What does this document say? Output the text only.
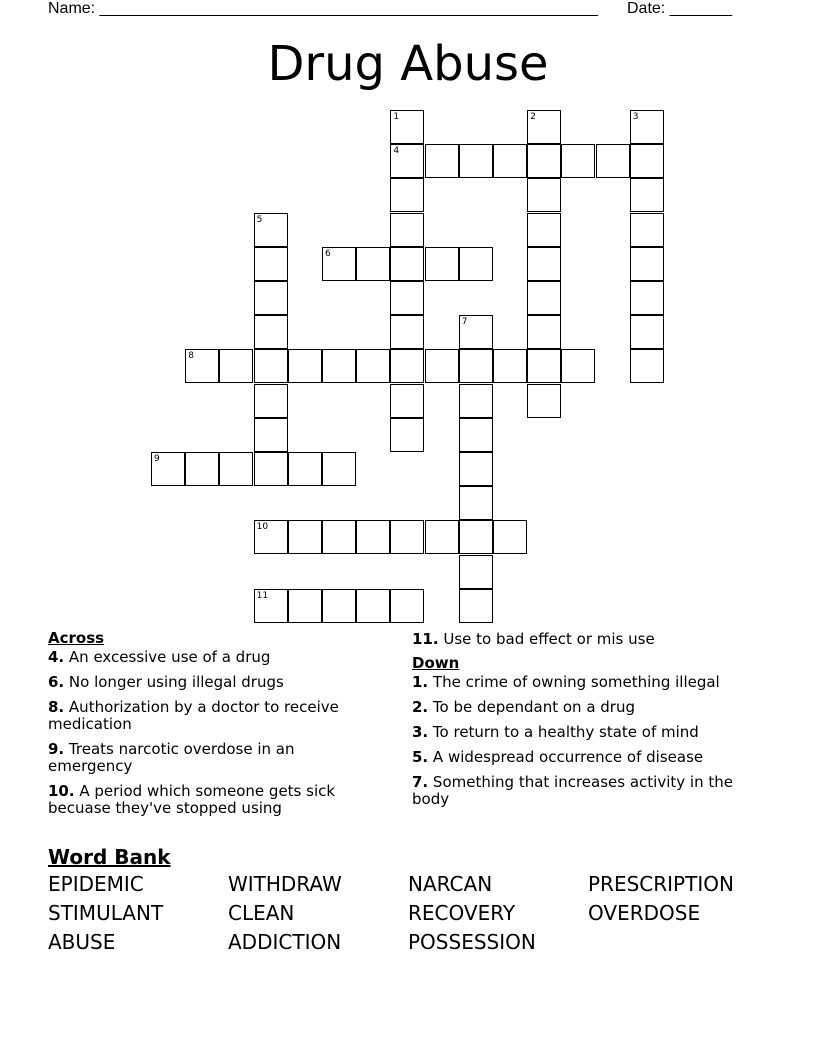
Name: ________________________________________________________ Date: _______
Drug Abuse
4
6
8
9
10
11
1	2	3
5
7
Across
4. An excessive use of a drug
6. No longer using illegal drugs
8. Authorization by a doctor to receive medication
9. Treats narcotic overdose in an emergency
10. A period which someone gets sick becuase they've stopped using
11. Use to bad effect or mis use
Down
1. The crime of owning something illegal
2. To be dependant on a drug
3. To return to a healthy state of mind
5. A widespread occurrence of disease
7. Something that increases activity in the body
Word Bank
EPIDEMIC	WITHDRAW	NARCAN	PRESCRIPTION
STIMULANT	CLEAN	RECOVERY	OVERDOSE
ABUSE	ADDICTION	POSSESSION
